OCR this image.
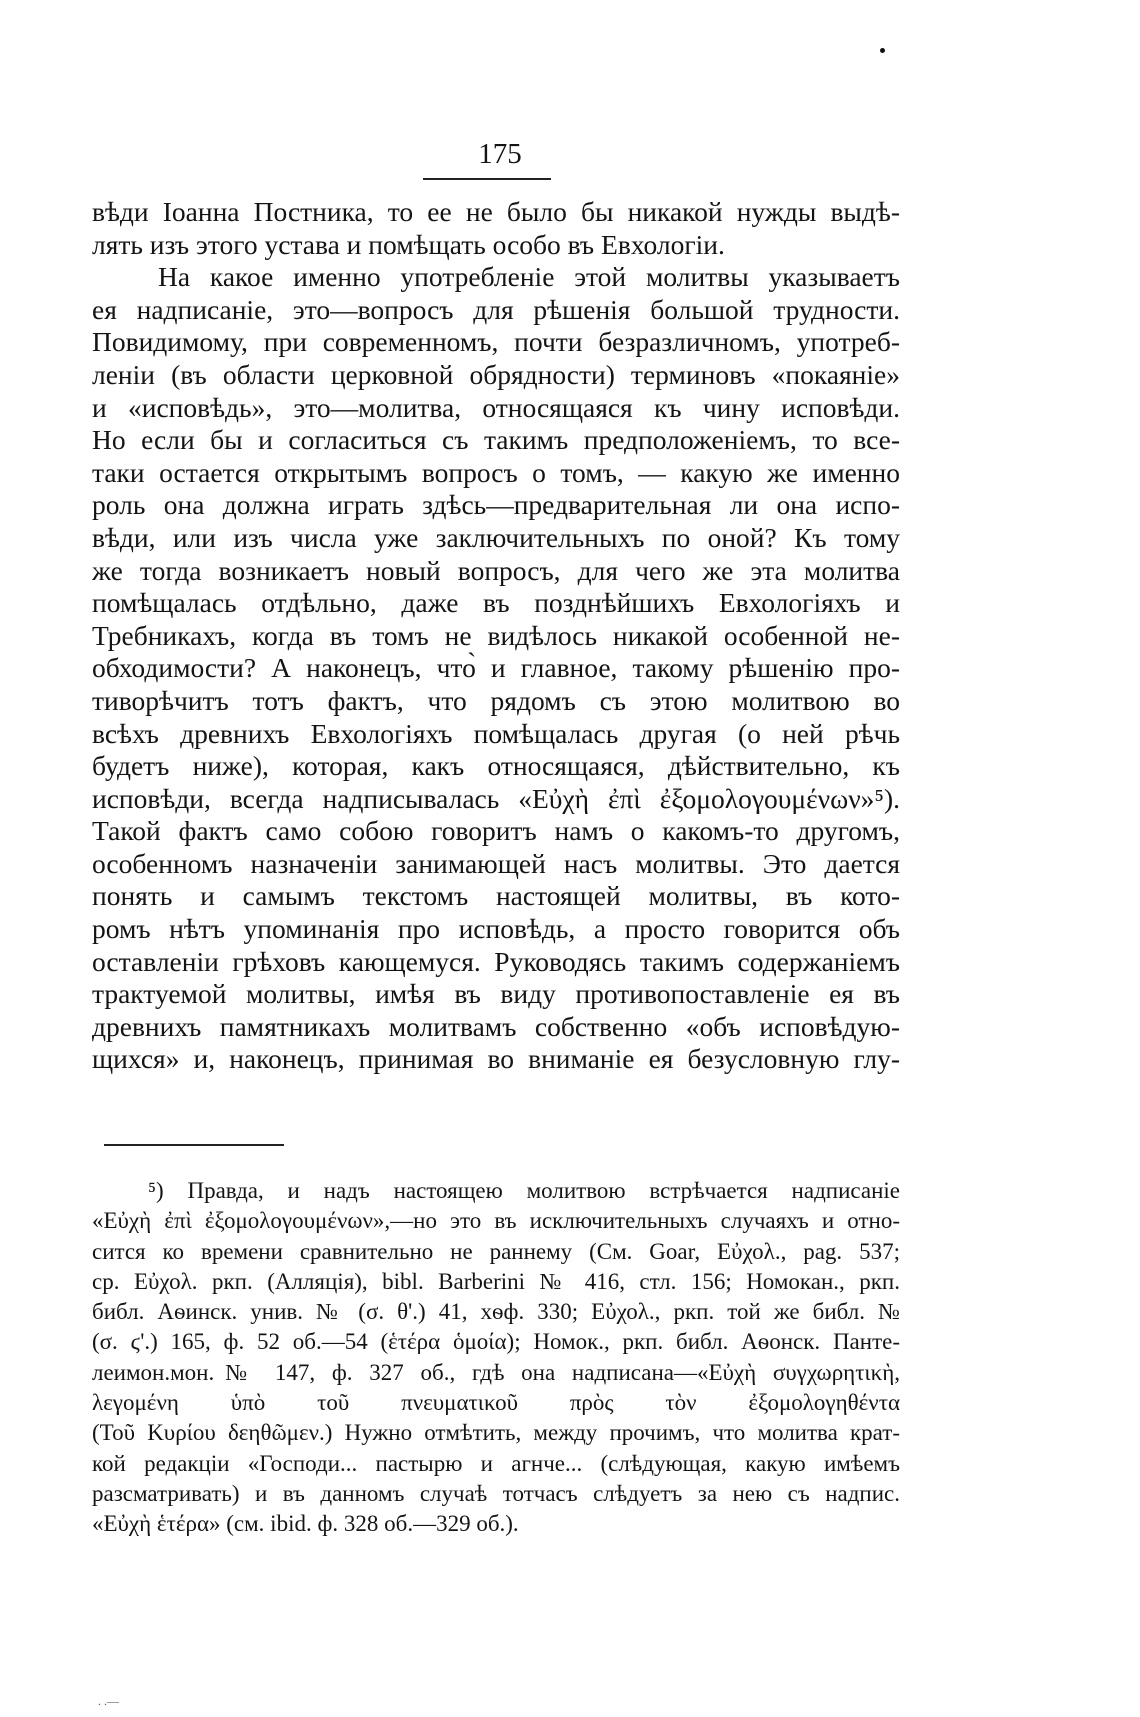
175
вѣди Іоанна Постника, то ее не было бы никакой нужды выдѣ-
лять изъ этого устава и помѣщать особо въ Евхологіи.
На какое именно употребленіе этой молитвы указываетъ
ея надписаніе, это—вопросъ для рѣшенія большой трудности.
Повидимому, при современномъ, почти безразличномъ, употреб-
леніи (въ области церковной обрядности) терминовъ «покаяніе»
и «исповѣдь», это—молитва, относящаяся къ чину исповѣди.
Но если бы и согласиться съ такимъ предположеніемъ, то все-
таки остается открытымъ вопросъ о томъ, — какую же именно
роль она должна играть здѣсь—предварительная ли она испо-
вѣди, или изъ числа уже заключительныхъ по оной? Къ тому
же тогда возникаетъ новый вопросъ, для чего же эта молитва
помѣщалась отдѣльно, даже въ позднѣйшихъ Евхологіяхъ и
Требникахъ, когда въ томъ не видѣлось никакой особенной не-
обходимости? А наконецъ, что̀ и главное, такому рѣшенію про-
тиворѣчитъ тотъ фактъ, что рядомъ съ этою молитвою во
всѣхъ древнихъ Евхологіяхъ помѣщалась другая (о ней рѣчь
будетъ ниже), которая, какъ относящаяся, дѣйствительно, къ
исповѣди, всегда надписывалась «Εὐχὴ ἐπὶ ἐξομολογουμένων»⁵).
Такой фактъ само собою говоритъ намъ о какомъ-то другомъ,
особенномъ назначеніи занимающей насъ молитвы. Это дается
понять и самымъ текстомъ настоящей молитвы, въ кото-
ромъ нѣтъ упоминанія про исповѣдь, а просто говорится объ
оставленіи грѣховъ кающемуся. Руководясь такимъ содержаніемъ
трактуемой молитвы, имѣя въ виду противопоставленіе ея въ
древнихъ памятникахъ молитвамъ собственно «объ исповѣдую-
щихся» и, наконецъ, принимая во вниманіе ея безусловную глу-
⁵) Правда, и надъ настоящею молитвою встрѣчается надписаніе
«Εὐχὴ ἐπὶ ἐξομολογουμένων»,—но это въ исключительныхъ случаяхъ и отно-
сится ко времени сравнительно не раннему (См. Goar, Εὐχολ., pag. 537;
ср. Εὐχολ. ркп. (Алляція), bibl. Barberini № 416, стл. 156; Номокан., ркп.
библ. Аѳинск. унив. № (σ. θ'.) 41, хѳф. 330; Εὐχολ., ркп. той же библ. №
(σ. ϛ'.) 165, ф. 52 об.—54 (ἑτέρα ὁμοία); Номок., ркп. библ. Аѳонск. Панте-
леимон.мон.№ 147, ф. 327 об., гдѣ она надписана—«Εὐχὴ συγχωρητικὴ,
λεγομένη ὑπὸ τοῦ πνευματικοῦ πρὸς τὸν ἐξομολογηθέντα
(Τοῦ Κυρίου δεηθῶμεν.) Нужно отмѣтить, между прочимъ, что молитва крат-
кой редакціи «Господи... пастырю и агнче... (слѣдующая, какую имѣемъ
разсматривать) и въ данномъ случаѣ тотчасъ слѣдуетъ за нею съ надпис.
«Εὐχὴ ἑτέρα» (см. ibid. ф. 328 об.—329 об.).
. .—
